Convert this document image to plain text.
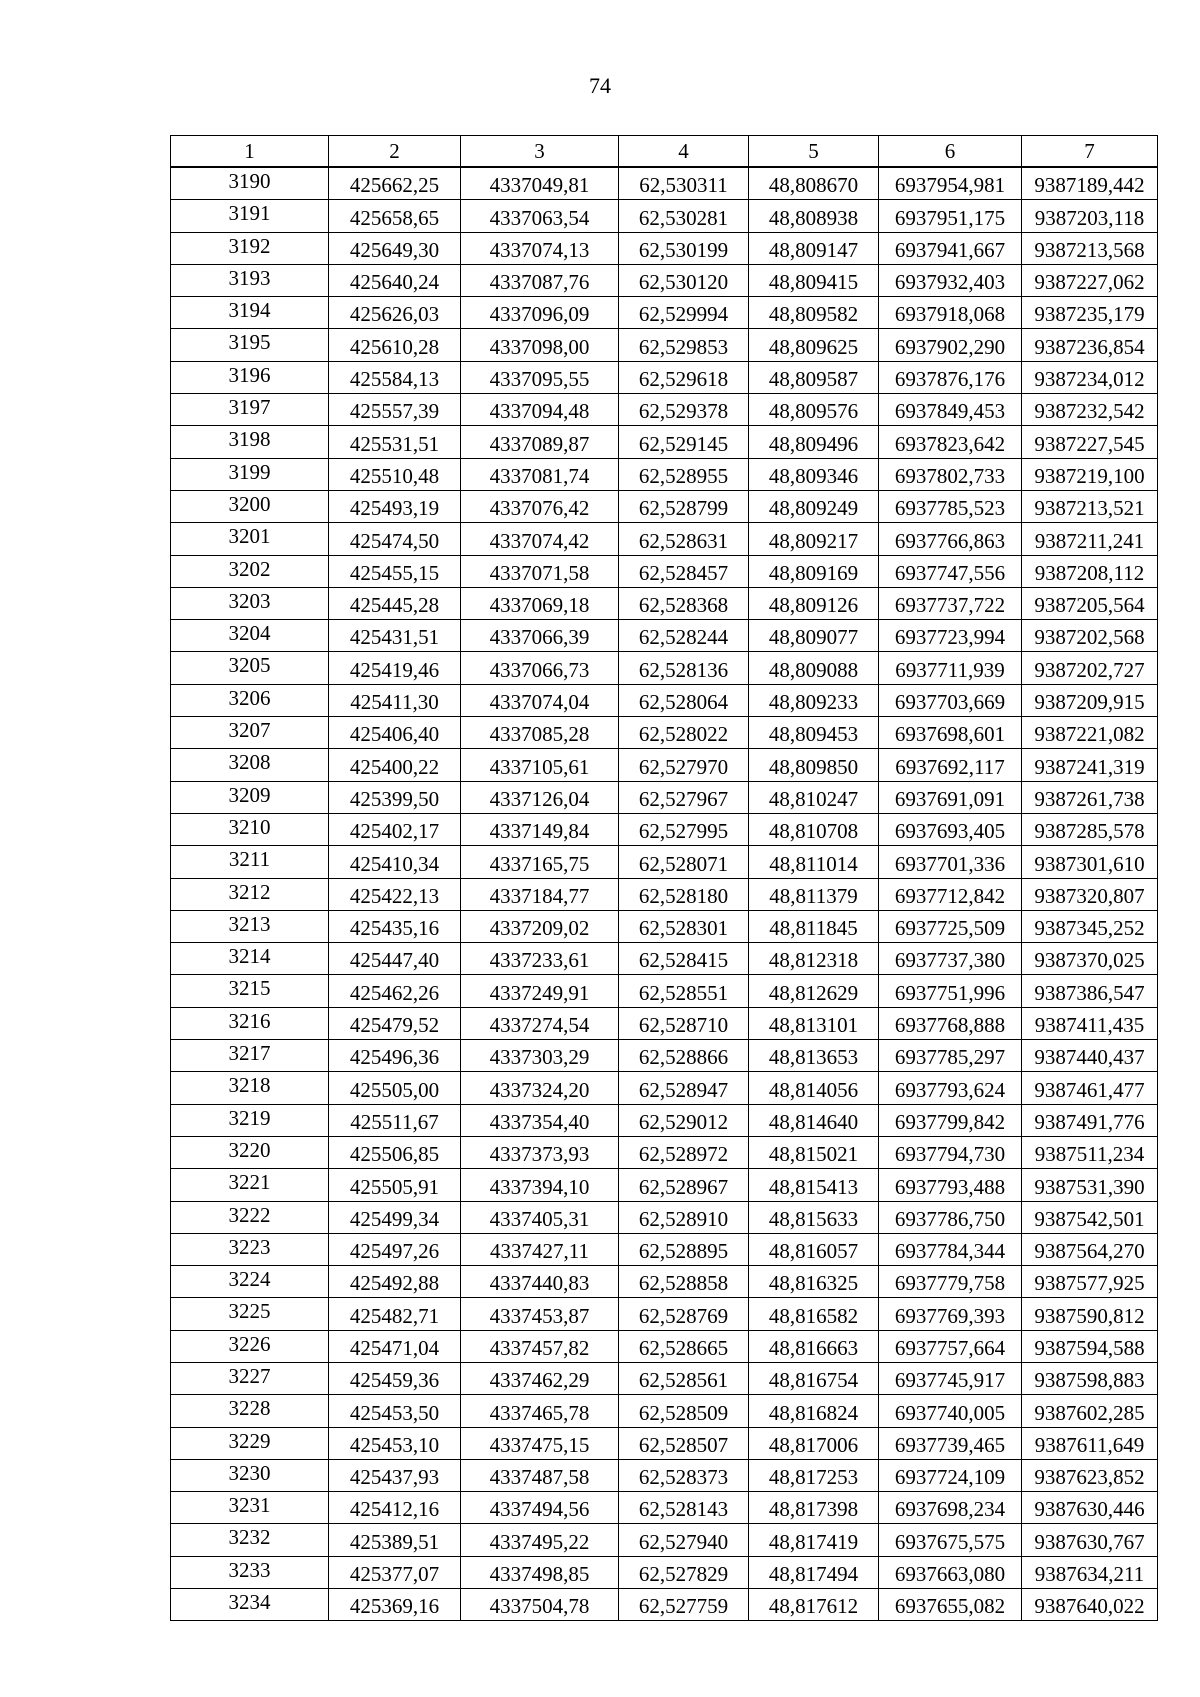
74
1	2	3	4	5	6	7
3190	425662,25	4337049,81	62,530311	48,808670	6937954,981	9387189,442
3191	425658,65	4337063,54	62,530281	48,808938	6937951,175	9387203,118
3192	425649,30	4337074,13	62,530199	48,809147	6937941,667	9387213,568
3193	425640,24	4337087,76	62,530120	48,809415	6937932,403	9387227,062
3194	425626,03	4337096,09	62,529994	48,809582	6937918,068	9387235,179
3195	425610,28	4337098,00	62,529853	48,809625	6937902,290	9387236,854
3196	425584,13	4337095,55	62,529618	48,809587	6937876,176	9387234,012
3197	425557,39	4337094,48	62,529378	48,809576	6937849,453	9387232,542
3198	425531,51	4337089,87	62,529145	48,809496	6937823,642	9387227,545
3199	425510,48	4337081,74	62,528955	48,809346	6937802,733	9387219,100
3200	425493,19	4337076,42	62,528799	48,809249	6937785,523	9387213,521
3201	425474,50	4337074,42	62,528631	48,809217	6937766,863	9387211,241
3202	425455,15	4337071,58	62,528457	48,809169	6937747,556	9387208,112
3203	425445,28	4337069,18	62,528368	48,809126	6937737,722	9387205,564
3204	425431,51	4337066,39	62,528244	48,809077	6937723,994	9387202,568
3205	425419,46	4337066,73	62,528136	48,809088	6937711,939	9387202,727
3206	425411,30	4337074,04	62,528064	48,809233	6937703,669	9387209,915
3207	425406,40	4337085,28	62,528022	48,809453	6937698,601	9387221,082
3208	425400,22	4337105,61	62,527970	48,809850	6937692,117	9387241,319
3209	425399,50	4337126,04	62,527967	48,810247	6937691,091	9387261,738
3210	425402,17	4337149,84	62,527995	48,810708	6937693,405	9387285,578
3211	425410,34	4337165,75	62,528071	48,811014	6937701,336	9387301,610
3212	425422,13	4337184,77	62,528180	48,811379	6937712,842	9387320,807
3213	425435,16	4337209,02	62,528301	48,811845	6937725,509	9387345,252
3214	425447,40	4337233,61	62,528415	48,812318	6937737,380	9387370,025
3215	425462,26	4337249,91	62,528551	48,812629	6937751,996	9387386,547
3216	425479,52	4337274,54	62,528710	48,813101	6937768,888	9387411,435
3217	425496,36	4337303,29	62,528866	48,813653	6937785,297	9387440,437
3218	425505,00	4337324,20	62,528947	48,814056	6937793,624	9387461,477
3219	425511,67	4337354,40	62,529012	48,814640	6937799,842	9387491,776
3220	425506,85	4337373,93	62,528972	48,815021	6937794,730	9387511,234
3221	425505,91	4337394,10	62,528967	48,815413	6937793,488	9387531,390
3222	425499,34	4337405,31	62,528910	48,815633	6937786,750	9387542,501
3223	425497,26	4337427,11	62,528895	48,816057	6937784,344	9387564,270
3224	425492,88	4337440,83	62,528858	48,816325	6937779,758	9387577,925
3225	425482,71	4337453,87	62,528769	48,816582	6937769,393	9387590,812
3226	425471,04	4337457,82	62,528665	48,816663	6937757,664	9387594,588
3227	425459,36	4337462,29	62,528561	48,816754	6937745,917	9387598,883
3228	425453,50	4337465,78	62,528509	48,816824	6937740,005	9387602,285
3229	425453,10	4337475,15	62,528507	48,817006	6937739,465	9387611,649
3230	425437,93	4337487,58	62,528373	48,817253	6937724,109	9387623,852
3231	425412,16	4337494,56	62,528143	48,817398	6937698,234	9387630,446
3232	425389,51	4337495,22	62,527940	48,817419	6937675,575	9387630,767
3233	425377,07	4337498,85	62,527829	48,817494	6937663,080	9387634,211
3234	425369,16	4337504,78	62,527759	48,817612	6937655,082	9387640,022
